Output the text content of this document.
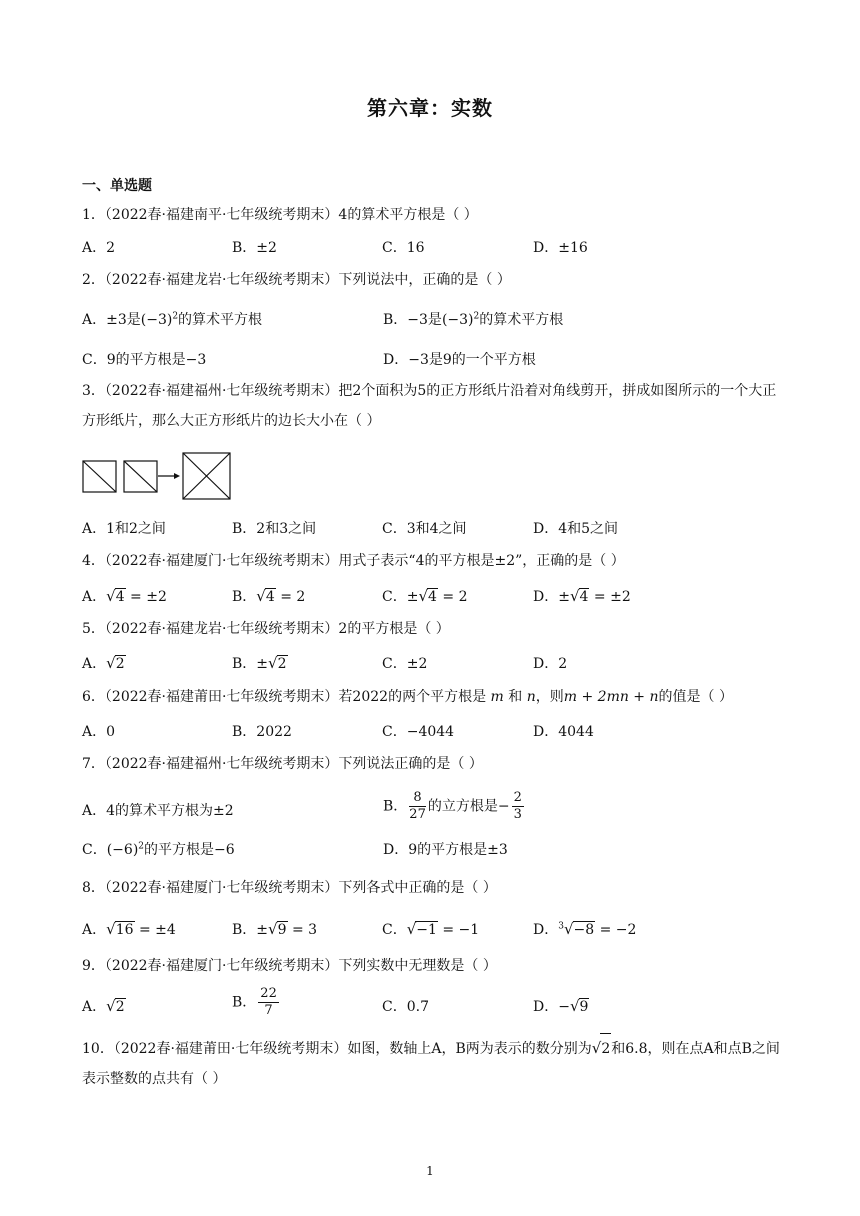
第六章：实数
一、单选题
1．（2022春·福建南平·七年级统考期末）4的算术平方根是（ ）
A．2	B．±2	C．16	D．±16
2．（2022春·福建龙岩·七年级统考期末）下列说法中，正确的是（ ）
A．±3是$(-3)^2$的算术平方根	B．−3是$(-3)^2$的算术平方根
C．9的平方根是−3	D．−3是9的一个平方根
3．（2022春·福建福州·七年级统考期末）把2个面积为5的正方形纸片沿着对角线剪开，拼成如图所示的一个大正方形纸片，那么大正方形纸片的边长大小在（ ）
A．1和2之间	B．2和3之间	C．3和4之间	D．4和5之间
4．（2022春·福建厦门·七年级统考期末）用式子表示“4的平方根是±2”，正确的是（ ）
A．√4 = ±2	B．√4 = 2	C．±√4 = 2	D．±√4 = ±2
5．（2022春·福建龙岩·七年级统考期末）2的平方根是（ ）
A．√2	B．±√2	C．±2	D．2
6．（2022春·福建莆田·七年级统考期末）若2022的两个平方根是 m 和 n，则m + 2mn + n的值是（ ）
A．0	B．2022	C．−4044	D．4044
7．（2022春·福建福州·七年级统考期末）下列说法正确的是（ ）
A．4的算术平方根为±2	B． $\frac{8}{27}$ 的立方根是− $\frac{2}{3}$
C．$(-6)^2$的平方根是−6	D．9的平方根是±3
8．（2022春·福建厦门·七年级统考期末）下列各式中正确的是（ ）
A．√16 = ±4	B．±√9 = 3	C．√−1 = −1	D．$^3$√−8 = −2
9．（2022春·福建厦门·七年级统考期末）下列实数中无理数是（ ）
A．√2	B． $\frac{22}{7}$	C．0.7̇	D．−√9
10．（2022春·福建莆田·七年级统考期末）如图，数轴上A，B两为表示的数分别为√2和6.8，则在点A和点B之间表示整数的点共有（ ）
1
